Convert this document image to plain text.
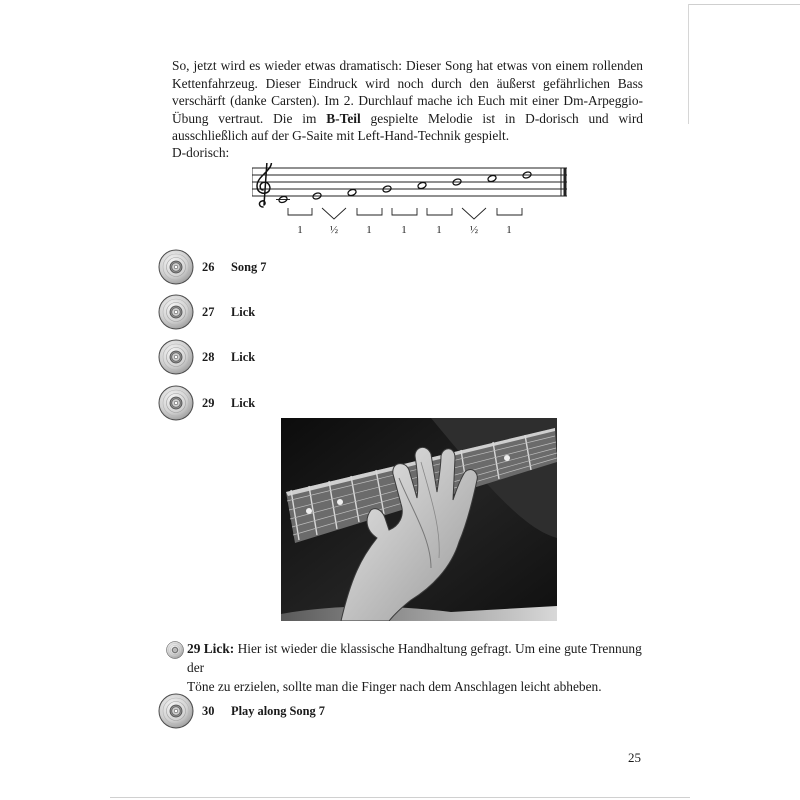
So, jetzt wird es wieder etwas dramatisch: Dieser Song hat etwas von einem rollenden Kettenfahrzeug. Dieser Eindruck wird noch durch den äußerst gefährlichen Bass verschärft (danke Carsten). Im 2. Durchlauf mache ich Euch mit einer Dm-Arpeggio-Übung vertraut. Die im B-Teil gespielte Melodie ist in D-dorisch und wird ausschließlich auf der G-Saite mit Left-Hand-Technik gespielt.

D-dorisch:
1 ½	1	1	1	½	1
26 Song 7
27 Lick
28 Lick
29 Lick
29 Lick: Hier ist wieder die klassische Handhaltung gefragt. Um eine gute Trennung der
Töne zu erzielen, sollte man die Finger nach dem Anschlagen leicht abheben.
30 Play along Song 7
25
